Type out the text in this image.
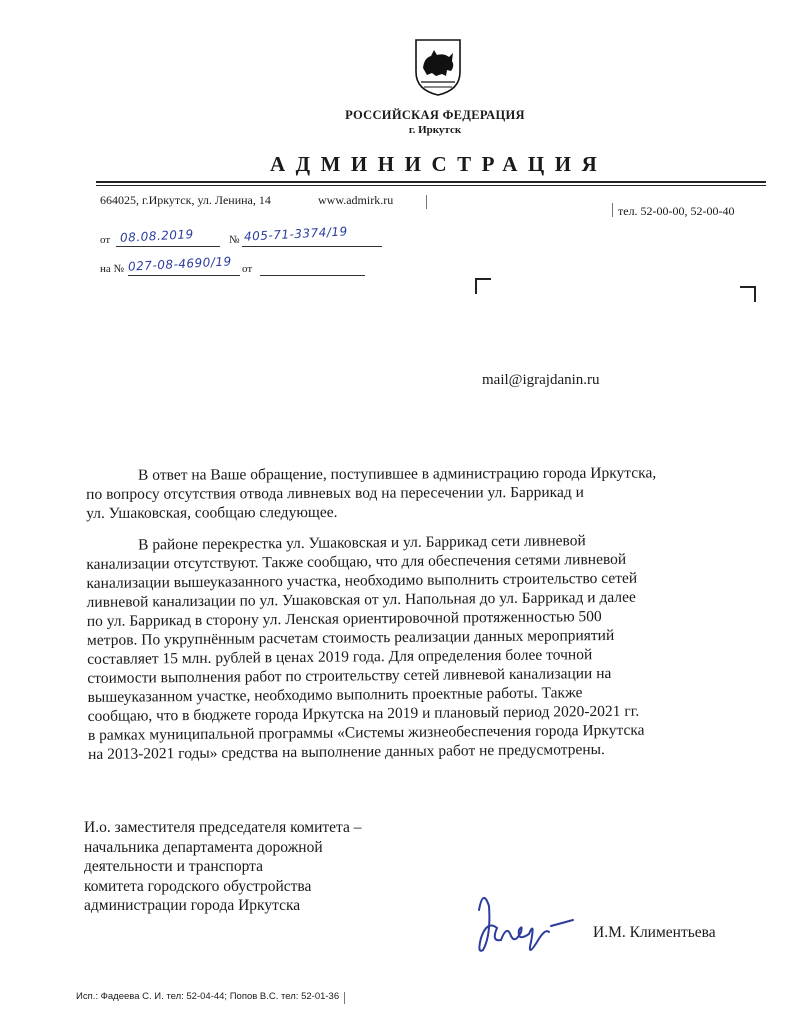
РОССИЙСКАЯ ФЕДЕРАЦИЯ
г. Иркутск
АДМИНИСТРАЦИЯ
664025, г.Иркутск, ул. Ленина, 14	www.admirk.ru
тел. 52-00-00, 52-00-40
от 08.08.2019	№ 405-71-3374/19
на № 027-08-4690/19 от
mail@igrajdanin.ru
В ответ на Ваше обращение, поступившее в администрацию города Иркутска,
по вопросу отсутствия отвода ливневых вод на пересечении ул. Баррикад и
ул. Ушаковская, сообщаю следующее.
В районе перекрестка ул. Ушаковская и ул. Баррикад сети ливневой
канализации отсутствуют. Также сообщаю, что для обеспечения сетями ливневой
канализации вышеуказанного участка, необходимо выполнить строительство сетей
ливневой канализации по ул. Ушаковская от ул. Напольная до ул. Баррикад и далее
по ул. Баррикад в сторону ул. Ленская ориентировочной протяженностью 500
метров. По укрупнённым расчетам стоимость реализации данных мероприятий
составляет 15 млн. рублей в ценах 2019 года. Для определения более точной
стоимости выполнения работ по строительству сетей ливневой канализации на
вышеуказанном участке, необходимо выполнить проектные работы. Также
сообщаю, что в бюджете города Иркутска на 2019 и плановый период 2020-2021 гг.
в рамках муниципальной программы «Системы жизнеобеспечения города Иркутска
на 2013-2021 годы» средства на выполнение данных работ не предусмотрены.
И.о. заместителя председателя комитета –
начальника департамента дорожной
деятельности и транспорта
комитета городского обустройства
администрации города Иркутска
И.М. Климентьева
Исп.: Фадеева С. И. тел: 52-04-44; Попов В.С. тел: 52-01-36
